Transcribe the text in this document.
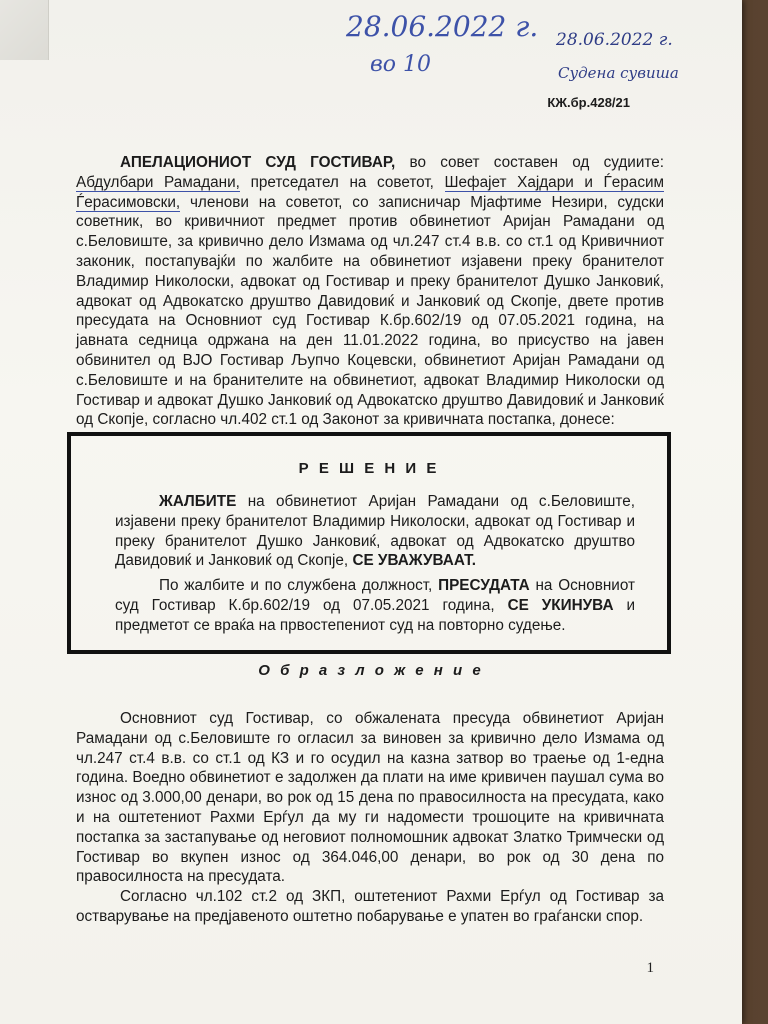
28.06.2022 г.
во 10
28.06.2022 г.
Судена сувиша
КЖ.бр.428/21
АПЕЛАЦИОНИОТ СУД ГОСТИВАР, во совет составен од судиите: Абдулбари Рамадани, претседател на советот, Шефајет Хајдари и Ѓерасим Ѓерасимовски, членови на советот, со записничар Мјафтиме Незири, судски советник, во кривичниот предмет против обвинетиот Аријан Рамадани од с.Беловиште, за кривично дело Измама од чл.247 ст.4 в.в. со ст.1 од Кривичниот законик, постапувајќи по жалбите на обвинетиот изјавени преку бранителот Владимир Николоски, адвокат од Гостивар и преку бранителот Душко Јанковиќ, адвокат од Адвокатско друштво Давидовиќ и Јанковиќ од Скопје, двете против пресудата на Основниот суд Гостивар К.бр.602/19 од 07.05.2021 година, на јавната седница одржана на ден 11.01.2022 година, во присуство на јавен обвинител од ВЈО Гостивар Љупчо Коцевски, обвинетиот Аријан Рамадани од с.Беловиште и на бранителите на обвинетиот, адвокат Владимир Николоски од Гостивар и адвокат Душко Јанковиќ од Адвокатско друштво Давидовиќ и Јанковиќ од Скопје, согласно чл.402 ст.1 од Законот за кривичната постапка, донесе:
Р Е Ш Е Н И Е
ЖАЛБИТЕ на обвинетиот Аријан Рамадани од с.Беловиште, изјавени преку бранителот Владимир Николоски, адвокат од Гостивар и преку бранителот Душко Јанковиќ, адвокат од Адвокатско друштво Давидовиќ и Јанковиќ од Скопје, СЕ УВАЖУВААТ.
По жалбите и по службена должност, ПРЕСУДАТА на Основниот суд Гостивар К.бр.602/19 од 07.05.2021 година, СЕ УКИНУВА и предметот се враќа на првостепениот суд на повторно судење.
О б р а з л о ж е н и е
Основниот суд Гостивар, со обжалената пресуда обвинетиот Аријан Рамадани од с.Беловиште го огласил за виновен за кривично дело Измама од чл.247 ст.4 в.в. со ст.1 од КЗ и го осудил на казна затвор во траење од 1-една година. Воедно обвинетиот е задолжен да плати на име кривичен паушал сума во износ од 3.000,00 денари, во рок од 15 дена по правосилноста на пресудата, како и на оштетениот Рахми Ерѓул да му ги надомести трошоците на кривичната постапка за застапување од неговиот полномошник адвокат Златко Тримчески од Гостивар во вкупен износ од 364.046,00 денари, во рок од 30 дена по правосилноста на пресудата.
Согласно чл.102 ст.2 од ЗКП, оштетениот Рахми Ерѓул од Гостивар за остварување на предјавеното оштетно побарување е упатен во граѓански спор.
1
